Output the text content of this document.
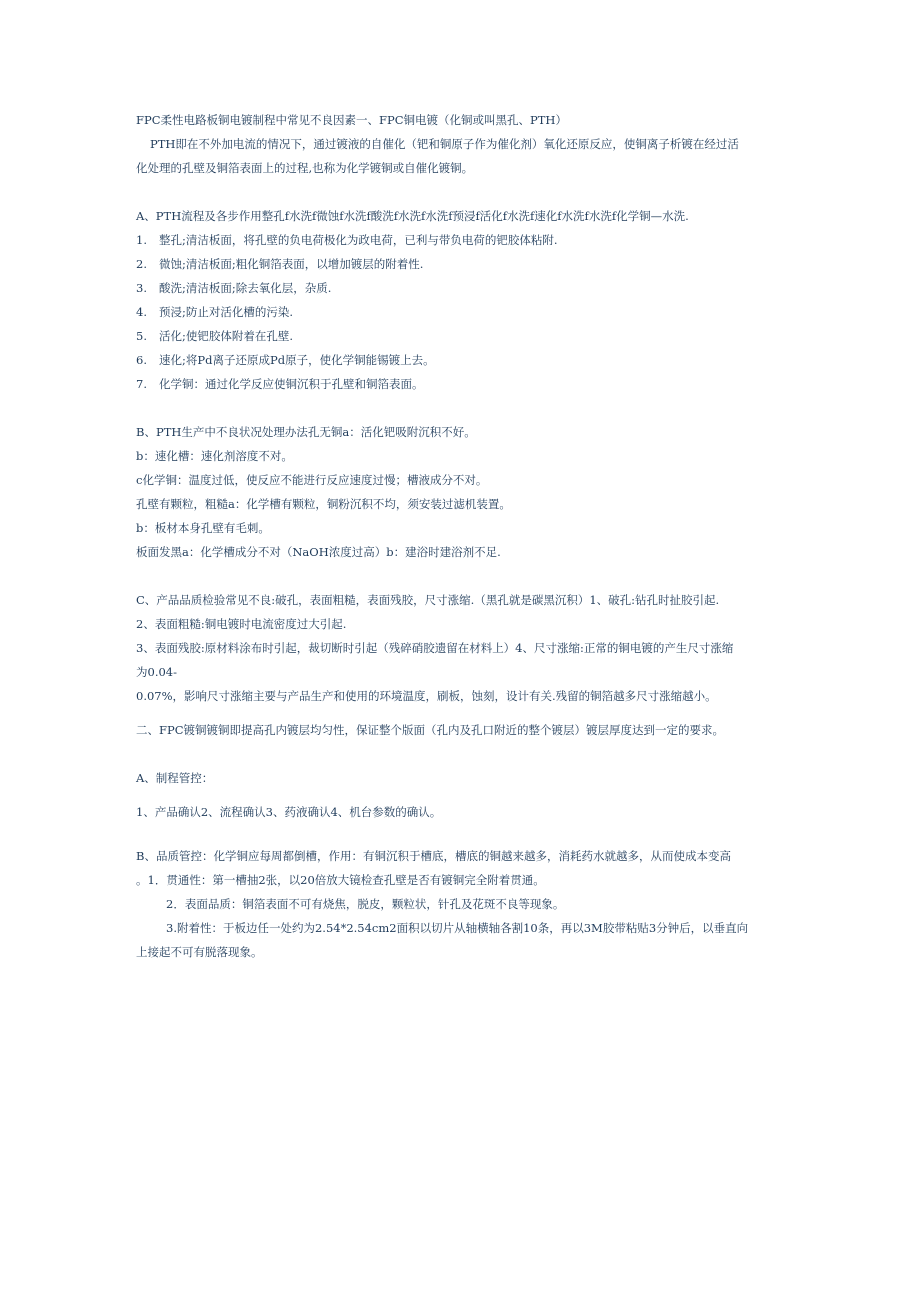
FPC柔性电路板铜电镀制程中常见不良因素一、FPC铜电镀（化铜或叫黑孔、PTH）
PTH即在不外加电流的情况下，通过镀液的自催化（钯和铜原子作为催化剂）氧化还原反应，使铜离子析镀在经过活
化处理的孔壁及铜箔表面上的过程,也称为化学镀铜或自催化镀铜。
A、PTH流程及各步作用整孔f水洗f微蚀f水洗f酸洗f水洗f水洗f预浸f活化f水洗f速化f水洗f水洗f化学铜—水洗.
1. 整孔;清洁板面，将孔壁的负电荷极化为政电荷，已利与带负电荷的钯胶体粘附.
2. 微蚀;清洁板面;粗化铜箔表面，以增加镀层的附着性.
3. 酸洗;清洁板面;除去氧化层，杂质.
4. 预浸;防止对活化槽的污染.
5. 活化;使钯胶体附着在孔壁.
6. 速化;将Pd离子还原成Pd原子，使化学铜能锡镀上去。
7. 化学铜：通过化学反应使铜沉积于孔壁和铜箔表面。
B、PTH生产中不良状况处理办法孔无铜a：活化钯吸附沉积不好。
b：速化槽：速化剂溶度不对。
c化学铜：温度过低，使反应不能进行反应速度过慢；槽液成分不对。
孔壁有颗粒，粗糙a：化学槽有颗粒，铜粉沉积不均，须安装过滤机装置。
b：板材本身孔壁有毛刺。
板面发黑a：化学槽成分不对（NaOH浓度过高）b：建浴时建浴剂不足.
C、产品品质检验常见不良:破孔，表面粗糙，表面残胶，尺寸涨缩.（黑孔就是碳黑沉积）1、破孔:钻孔时扯胶引起.
2、表面粗糙:铜电镀时电流密度过大引起.
3、表面残胶:原材料涂布时引起，裁切断时引起（残碎硝胶遗留在材料上）4、尺寸涨缩:正常的铜电镀的产生尺寸涨缩
为0.04-
0.07%，影响尺寸涨缩主要与产品生产和使用的环境温度，刷板，蚀刻，设计有关.残留的铜箔越多尺寸涨缩越小。
二、FPC镀铜镀铜即提高孔内镀层均匀性，保证整个版面（孔内及孔口附近的整个镀层）镀层厚度达到一定的要求。
A、制程管控：
1、产品确认2、流程确认3、药液确认4、机台参数的确认。
B、品质管控：化学铜应每周都倒槽，作用：有铜沉积于槽底，槽底的铜越来越多，消耗药水就越多，从而使成本变高
。1．贯通性：第一槽抽2张，以20倍放大镜检查孔壁是否有镀铜完全附着贯通。
2．表面品质：铜箔表面不可有烧焦，脱皮，颗粒状，针孔及花斑不良等现象。
3.附着性：于板边任一处约为2.54*2.54cm2面积以切片从轴横轴各割10条，再以3M胶带粘贴3分钟后，以垂直向
上接起不可有脱落现象。
